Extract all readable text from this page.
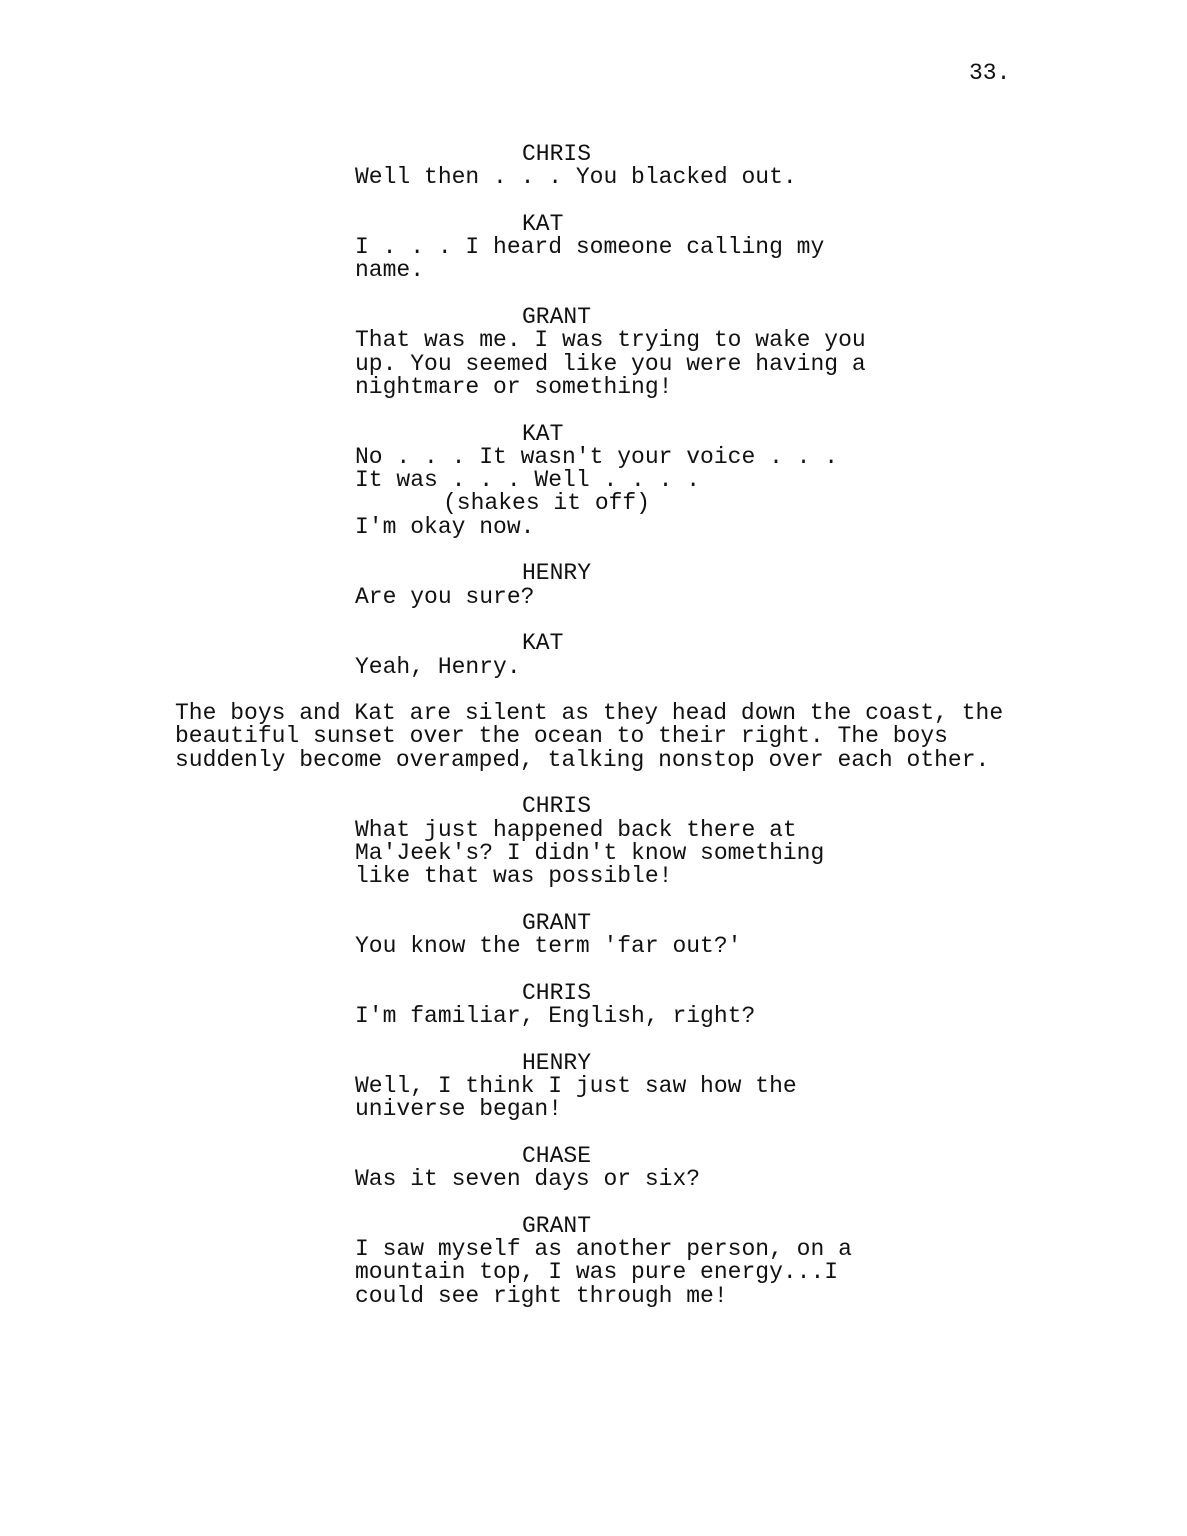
33.
CHRIS
Well then . . . You blacked out.
KAT
I . . . I heard someone calling my
name.
GRANT
That was me. I was trying to wake you
up. You seemed like you were having a
nightmare or something!
KAT
No . . . It wasn't your voice . . .
It was . . . Well . . . .
(shakes it off)
I'm okay now.
HENRY
Are you sure?
KAT
Yeah, Henry.
The boys and Kat are silent as they head down the coast, the
beautiful sunset over the ocean to their right. The boys
suddenly become overamped, talking nonstop over each other.
CHRIS
What just happened back there at
Ma'Jeek's? I didn't know something
like that was possible!
GRANT
You know the term 'far out?'
CHRIS
I'm familiar, English, right?
HENRY
Well, I think I just saw how the
universe began!
CHASE
Was it seven days or six?
GRANT
I saw myself as another person, on a
mountain top, I was pure energy...I
could see right through me!
